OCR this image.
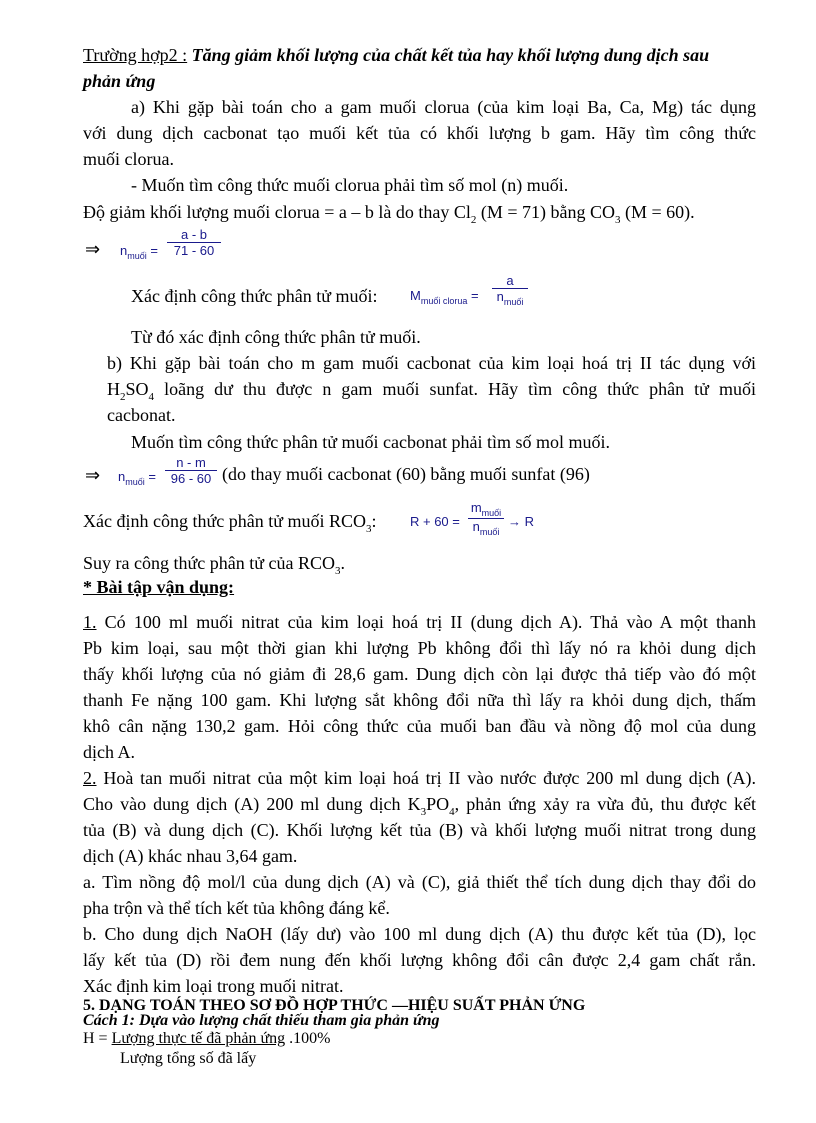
Trường hợp2 : Tăng giảm khối lượng của chất kết tủa hay khối lượng dung dịch sau
phản ứng
a) Khi gặp bài toán cho a gam muối clorua (của kim loại Ba, Ca, Mg) tác dụng
với dung dịch cacbonat tạo muối kết tủa có khối lượng b gam. Hãy tìm công thức
muối clorua.
- Muốn tìm công thức muối clorua phải tìm số mol (n) muối.
Độ giảm khối lượng muối clorua = a – b là do thay $Cl_2$ (M = 71) bằng $CO_3$ (M = 60).
⇒ $n_{muối}$ =
a - b
71 - 60
Xác định công thức phân tử muối:	$M_{muối clorua}$ =
a
$n_{muối}$
Từ đó xác định công thức phân tử muối.
b) Khi gặp bài toán cho m gam muối cacbonat của kim loại hoá trị II tác dụng với
$H_2SO_4$ loãng dư thu được n gam muối sunfat. Hãy tìm công thức phân tử muối
cacbonat.
Muốn tìm công thức phân tử muối cacbonat phải tìm số mol muối.
⇒ $n_{muối}$ =
n - m
96 - 60 (do thay muối cacbonat (60) bằng muối sunfat (96)
Xác định công thức phân tử muối $RCO_3$:	R + 60 =
$m_{muối}$
$n_{muối}$
→ R
Suy ra công thức phân tử của $RCO_3$.
* Bài tập vận dụng:
1. Có 100 ml muối nitrat của kim loại hoá trị II (dung dịch A). Thả vào A một thanh
Pb kim loại, sau một thời gian khi lượng Pb không đổi thì lấy nó ra khỏi dung dịch
thấy khối lượng của nó giảm đi 28,6 gam. Dung dịch còn lại được thả tiếp vào đó một
thanh Fe nặng 100 gam. Khi lượng sắt không đổi nữa thì lấy ra khỏi dung dịch, thấm
khô cân nặng 130,2 gam. Hỏi công thức của muối ban đầu và nồng độ mol của dung
dịch A.
2. Hoà tan muối nitrat của một kim loại hoá trị II vào nước được 200 ml dung dịch (A).
Cho vào dung dịch (A) 200 ml dung dịch $K_3PO_4$, phản ứng xảy ra vừa đủ, thu được kết
tủa (B) và dung dịch (C). Khối lượng kết tủa (B) và khối lượng muối nitrat trong dung
dịch (A) khác nhau 3,64 gam.
a. Tìm nồng độ mol/l của dung dịch (A) và (C), giả thiết thể tích dung dịch thay đổi do
pha trộn và thể tích kết tủa không đáng kể.
b. Cho dung dịch NaOH (lấy dư) vào 100 ml dung dịch (A) thu được kết tủa (D), lọc
lấy kết tủa (D) rồi đem nung đến khối lượng không đổi cân được 2,4 gam chất rắn.
Xác định kim loại trong muối nitrat.
5. DẠNG TOÁN THEO SƠ ĐỒ HỢP THỨC —HIỆU SUẤT PHẢN ỨNG
Cách 1: Dựa vào lượng chất thiếu tham gia phản ứng
H = Lượng thực tế đã phản ứng .100%
Lượng tổng số đã lấy
